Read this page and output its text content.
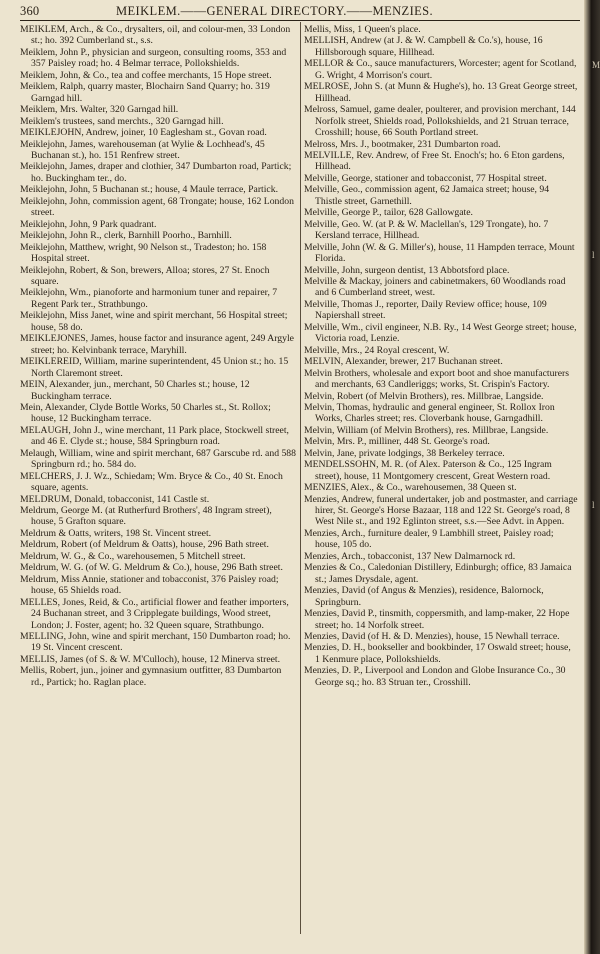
360	MEIKLEM.——GENERAL DIRECTORY.——MENZIES.

MEIKLEM, Arch., & Co., drysalters, oil, and colour-men, 33 London st.; ho. 392 Cumberland st., s.s.

Meiklem, John P., physician and surgeon, consulting rooms, 353 and 357 Paisley road; ho. 4 Belmar terrace, Pollokshields.

Meiklem, John, & Co., tea and coffee merchants, 15 Hope street.

Meiklem, Ralph, quarry master, Blochairn Sand Quarry; ho. 319 Garngad hill.

Meiklem, Mrs. Walter, 320 Garngad hill.

Meiklem's trustees, sand merchts., 320 Garngad hill.

MEIKLEJOHN, Andrew, joiner, 10 Eaglesham st., Govan road.

Meiklejohn, James, warehouseman (at Wylie & Lochhead's, 45 Buchanan st.), ho. 151 Renfrew street.

Meiklejohn, James, draper and clothier, 347 Dumbarton road, Partick; ho. Buckingham ter., do.

Meiklejohn, John, 5 Buchanan st.; house, 4 Maule terrace, Partick.

Meiklejohn, John, commission agent, 68 Trongate; house, 162 London street.

Meiklejohn, John, 9 Park quadrant.

Meiklejohn, John R., clerk, Barnhill Poorho., Barnhill.

Meiklejohn, Matthew, wright, 90 Nelson st., Tradeston; ho. 158 Hospital street.

Meiklejohn, Robert, & Son, brewers, Alloa; stores, 27 St. Enoch square.

Meiklejohn, Wm., pianoforte and harmonium tuner and repairer, 7 Regent Park ter., Strathbungo.

Meiklejohn, Miss Janet, wine and spirit merchant, 56 Hospital street; house, 58 do.

MEIKLEJONES, James, house factor and insurance agent, 249 Argyle street; ho. Kelvinbank terrace, Maryhill.

MEIKLEREID, William, marine superintendent, 45 Union st.; ho. 15 North Claremont street.

MEIN, Alexander, jun., merchant, 50 Charles st.; house, 12 Buckingham terrace.

Mein, Alexander, Clyde Bottle Works, 50 Charles st., St. Rollox; house, 12 Buckingham terrace.

MELAUGH, John J., wine merchant, 11 Park place, Stockwell street, and 46 E. Clyde st.; house, 584 Springburn road.

Melaugh, William, wine and spirit merchant, 687 Garscube rd. and 588 Springburn rd.; ho. 584 do.

MELCHERS, J. J. Wz., Schiedam; Wm. Bryce & Co., 40 St. Enoch square, agents.

MELDRUM, Donald, tobacconist, 141 Castle st.

Meldrum, George M. (at Rutherfurd Brothers', 48 Ingram street), house, 5 Grafton square.

Meldrum & Oatts, writers, 198 St. Vincent street.

Meldrum, Robert (of Meldrum & Oatts), house, 296 Bath street.

Meldrum, W. G., & Co., warehousemen, 5 Mitchell street.

Meldrum, W. G. (of W. G. Meldrum & Co.), house, 296 Bath street.

Meldrum, Miss Annie, stationer and tobacconist, 376 Paisley road; house, 65 Shields road.

MELLES, Jones, Reid, & Co., artificial flower and feather importers, 24 Buchanan street, and 3 Cripplegate buildings, Wood street, London; J. Foster, agent; ho. 32 Queen square, Strathbungo.

MELLING, John, wine and spirit merchant, 150 Dumbarton road; ho. 19 St. Vincent crescent.

MELLIS, James (of S. & W. M'Culloch), house, 12 Minerva street.

Mellis, Robert, jun., joiner and gymnasium outfitter, 83 Dumbarton rd., Partick; ho. Raglan place.

Mellis, Miss, 1 Queen's place.

MELLISH, Andrew (at J. & W. Campbell & Co.'s), house, 16 Hillsborough square, Hillhead.

MELLOR & Co., sauce manufacturers, Worcester; agent for Scotland, G. Wright, 4 Morrison's court.

MELROSE, John S. (at Munn & Hughe's), ho. 13 Great George street, Hillhead.

Melross, Samuel, game dealer, poulterer, and provision merchant, 144 Norfolk street, Shields road, Pollokshields, and 21 Struan terrace, Crosshill; house, 66 South Portland street.

Melross, Mrs. J., bootmaker, 231 Dumbarton road.

MELVILLE, Rev. Andrew, of Free St. Enoch's; ho. 6 Eton gardens, Hillhead.

Melville, George, stationer and tobacconist, 77 Hospital street.

Melville, Geo., commission agent, 62 Jamaica street; house, 94 Thistle street, Garnethill.

Melville, George P., tailor, 628 Gallowgate.

Melville, Geo. W. (at P. & W. Maclellan's, 129 Trongate), ho. 7 Kersland terrace, Hillhead.

Melville, John (W. & G. Miller's), house, 11 Hampden terrace, Mount Florida.

Melville, John, surgeon dentist, 13 Abbotsford place.

Melville & Mackay, joiners and cabinetmakers, 60 Woodlands road and 6 Cumberland street, west.

Melville, Thomas J., reporter, Daily Review office; house, 109 Napiershall street.

Melville, Wm., civil engineer, N.B. Ry., 14 West George street; house, Victoria road, Lenzie.

Melville, Mrs., 24 Royal crescent, W.

MELVIN, Alexander, brewer, 217 Buchanan street.

Melvin Brothers, wholesale and export boot and shoe manufacturers and merchants, 63 Candleriggs; works, St. Crispin's Factory.

Melvin, Robert (of Melvin Brothers), res. Millbrae, Langside.

Melvin, Thomas, hydraulic and general engineer, St. Rollox Iron Works, Charles street; res. Cloverbank house, Garngadhill.

Melvin, William (of Melvin Brothers), res. Millbrae, Langside.

Melvin, Mrs. P., milliner, 448 St. George's road.

Melvin, Jane, private lodgings, 38 Berkeley terrace.

MENDELSSOHN, M. R. (of Alex. Paterson & Co., 125 Ingram street), house, 11 Montgomery crescent, Great Western road.

MENZIES, Alex., & Co., warehousemen, 38 Queen st.

Menzies, Andrew, funeral undertaker, job and postmaster, and carriage hirer, St. George's Horse Bazaar, 118 and 122 St. George's road, 8 West Nile st., and 192 Eglinton street, s.s.—See Advt. in Appen.

Menzies, Arch., furniture dealer, 9 Lambhill street, Paisley road; house, 105 do.

Menzies, Arch., tobacconist, 137 New Dalmarnock rd.

Menzies & Co., Caledonian Distillery, Edinburgh; office, 83 Jamaica st.; James Drysdale, agent.

Menzies, David (of Angus & Menzies), residence, Balornock, Springburn.

Menzies, David P., tinsmith, coppersmith, and lamp-maker, 22 Hope street; ho. 14 Norfolk street.

Menzies, David (of H. & D. Menzies), house, 15 Newhall terrace.

Menzies, D. H., bookseller and bookbinder, 17 Oswald street; house, 1 Kenmure place, Pollokshields.

Menzies, D. P., Liverpool and London and Globe Insurance Co., 30 George sq.; ho. 83 Struan ter., Crosshill.

M
l
l
